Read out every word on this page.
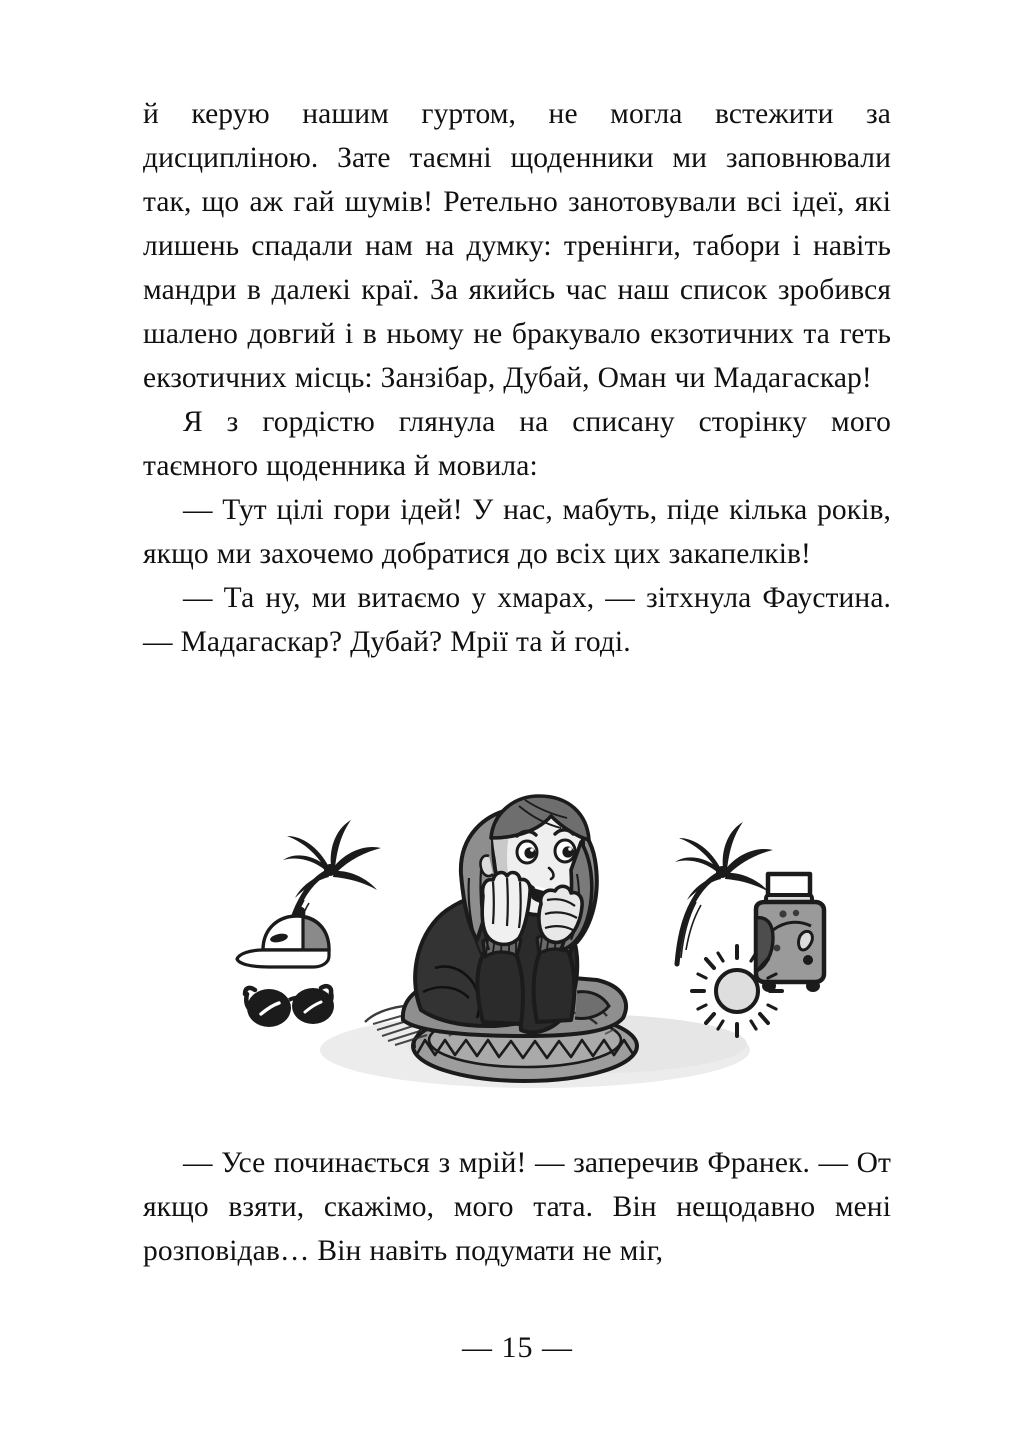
й керую нашим гуртом, не могла встежити за дисципліною. Зате таємні щоденники ми заповнювали так, що аж гай шумів! Ретельно занотовували всі ідеї, які лишень спадали нам на думку: тренінги, табори і навіть мандри в далекі краї. За якийсь час наш список зробився шалено довгий і в ньому не бракувало екзотичних та геть екзотичних місць: Занзібар, Дубай, Оман чи Мадагаскар!

Я з гордістю глянула на списану сторінку мого таємного щоденника й мовила:

— Тут цілі гори ідей! У нас, мабуть, піде кілька років, якщо ми захочемо добратися до всіх цих закапелків!

— Та ну, ми витаємо у хмарах, — зітхнула Фаустина. — Мадагаскар? Дубай? Мрії та й годі.

— Усе починається з мрій! — заперечив Франек. — От якщо взяти, скажімо, мого тата. Він нещодавно мені розповідав… Він навіть подумати не міг,

— 15 —
